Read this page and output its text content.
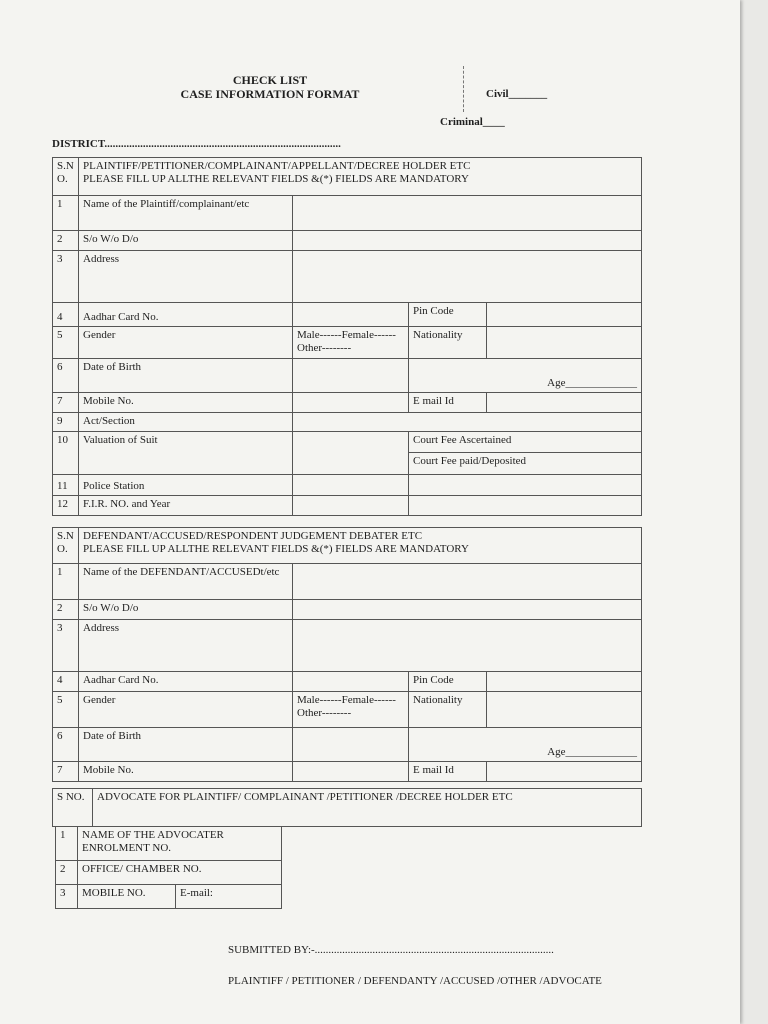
CHECK LIST
CASE INFORMATION FORMAT	Civil_______
Criminal____
DISTRICT......................................................................................
S.N O.	PLAINTIFF/PETITIONER/COMPLAINANT/APPELLANT/DECREE HOLDER ETC
PLEASE FILL UP ALLTHE RELEVANT FIELDS &(*) FIELDS ARE MANDATORY			

1	Name of the Plaintiff/complainant/etc			
2	S/o W/o D/o			
3	Address			
4	Aadhar Card No.		Pin Code	
5	Gender	Male------Female------ Other--------	Nationality	
6	Date of Birth			Age_____________
7	Mobile No.		E mail Id	
9	Act/Section			
10	Valuation of Suit		Court Fee Ascertained	
			Court Fee paid/Deposited	
11	Police Station			
12	F.I.R. NO. and Year			
S.N O.	DEFENDANT/ACCUSED/RESPONDENT JUDGEMENT DEBATER ETC
PLEASE FILL UP ALLTHE RELEVANT FIELDS &(*) FIELDS ARE MANDATORY			

1	Name of the DEFENDANT/ACCUSEDt/etc			
2	S/o W/o D/o			
3	Address			
4	Aadhar Card No.		Pin Code	
5	Gender	Male------Female------ Other--------	Nationality	
6	Date of Birth			Age_____________
7	Mobile No.		E mail Id	
S NO.	ADVOCATE FOR PLAINTIFF/ COMPLAINANT /PETITIONER /DECREE HOLDER ETC
1	NAME OF THE ADVOCATER ENROLMENT NO.	
2	OFFICE/ CHAMBER NO.	
3	MOBILE NO.	E-mail:
SUBMITTED BY:-.......................................................................................
PLAINTIFF / PETITIONER / DEFENDANTY /ACCUSED /OTHER /ADVOCATE
